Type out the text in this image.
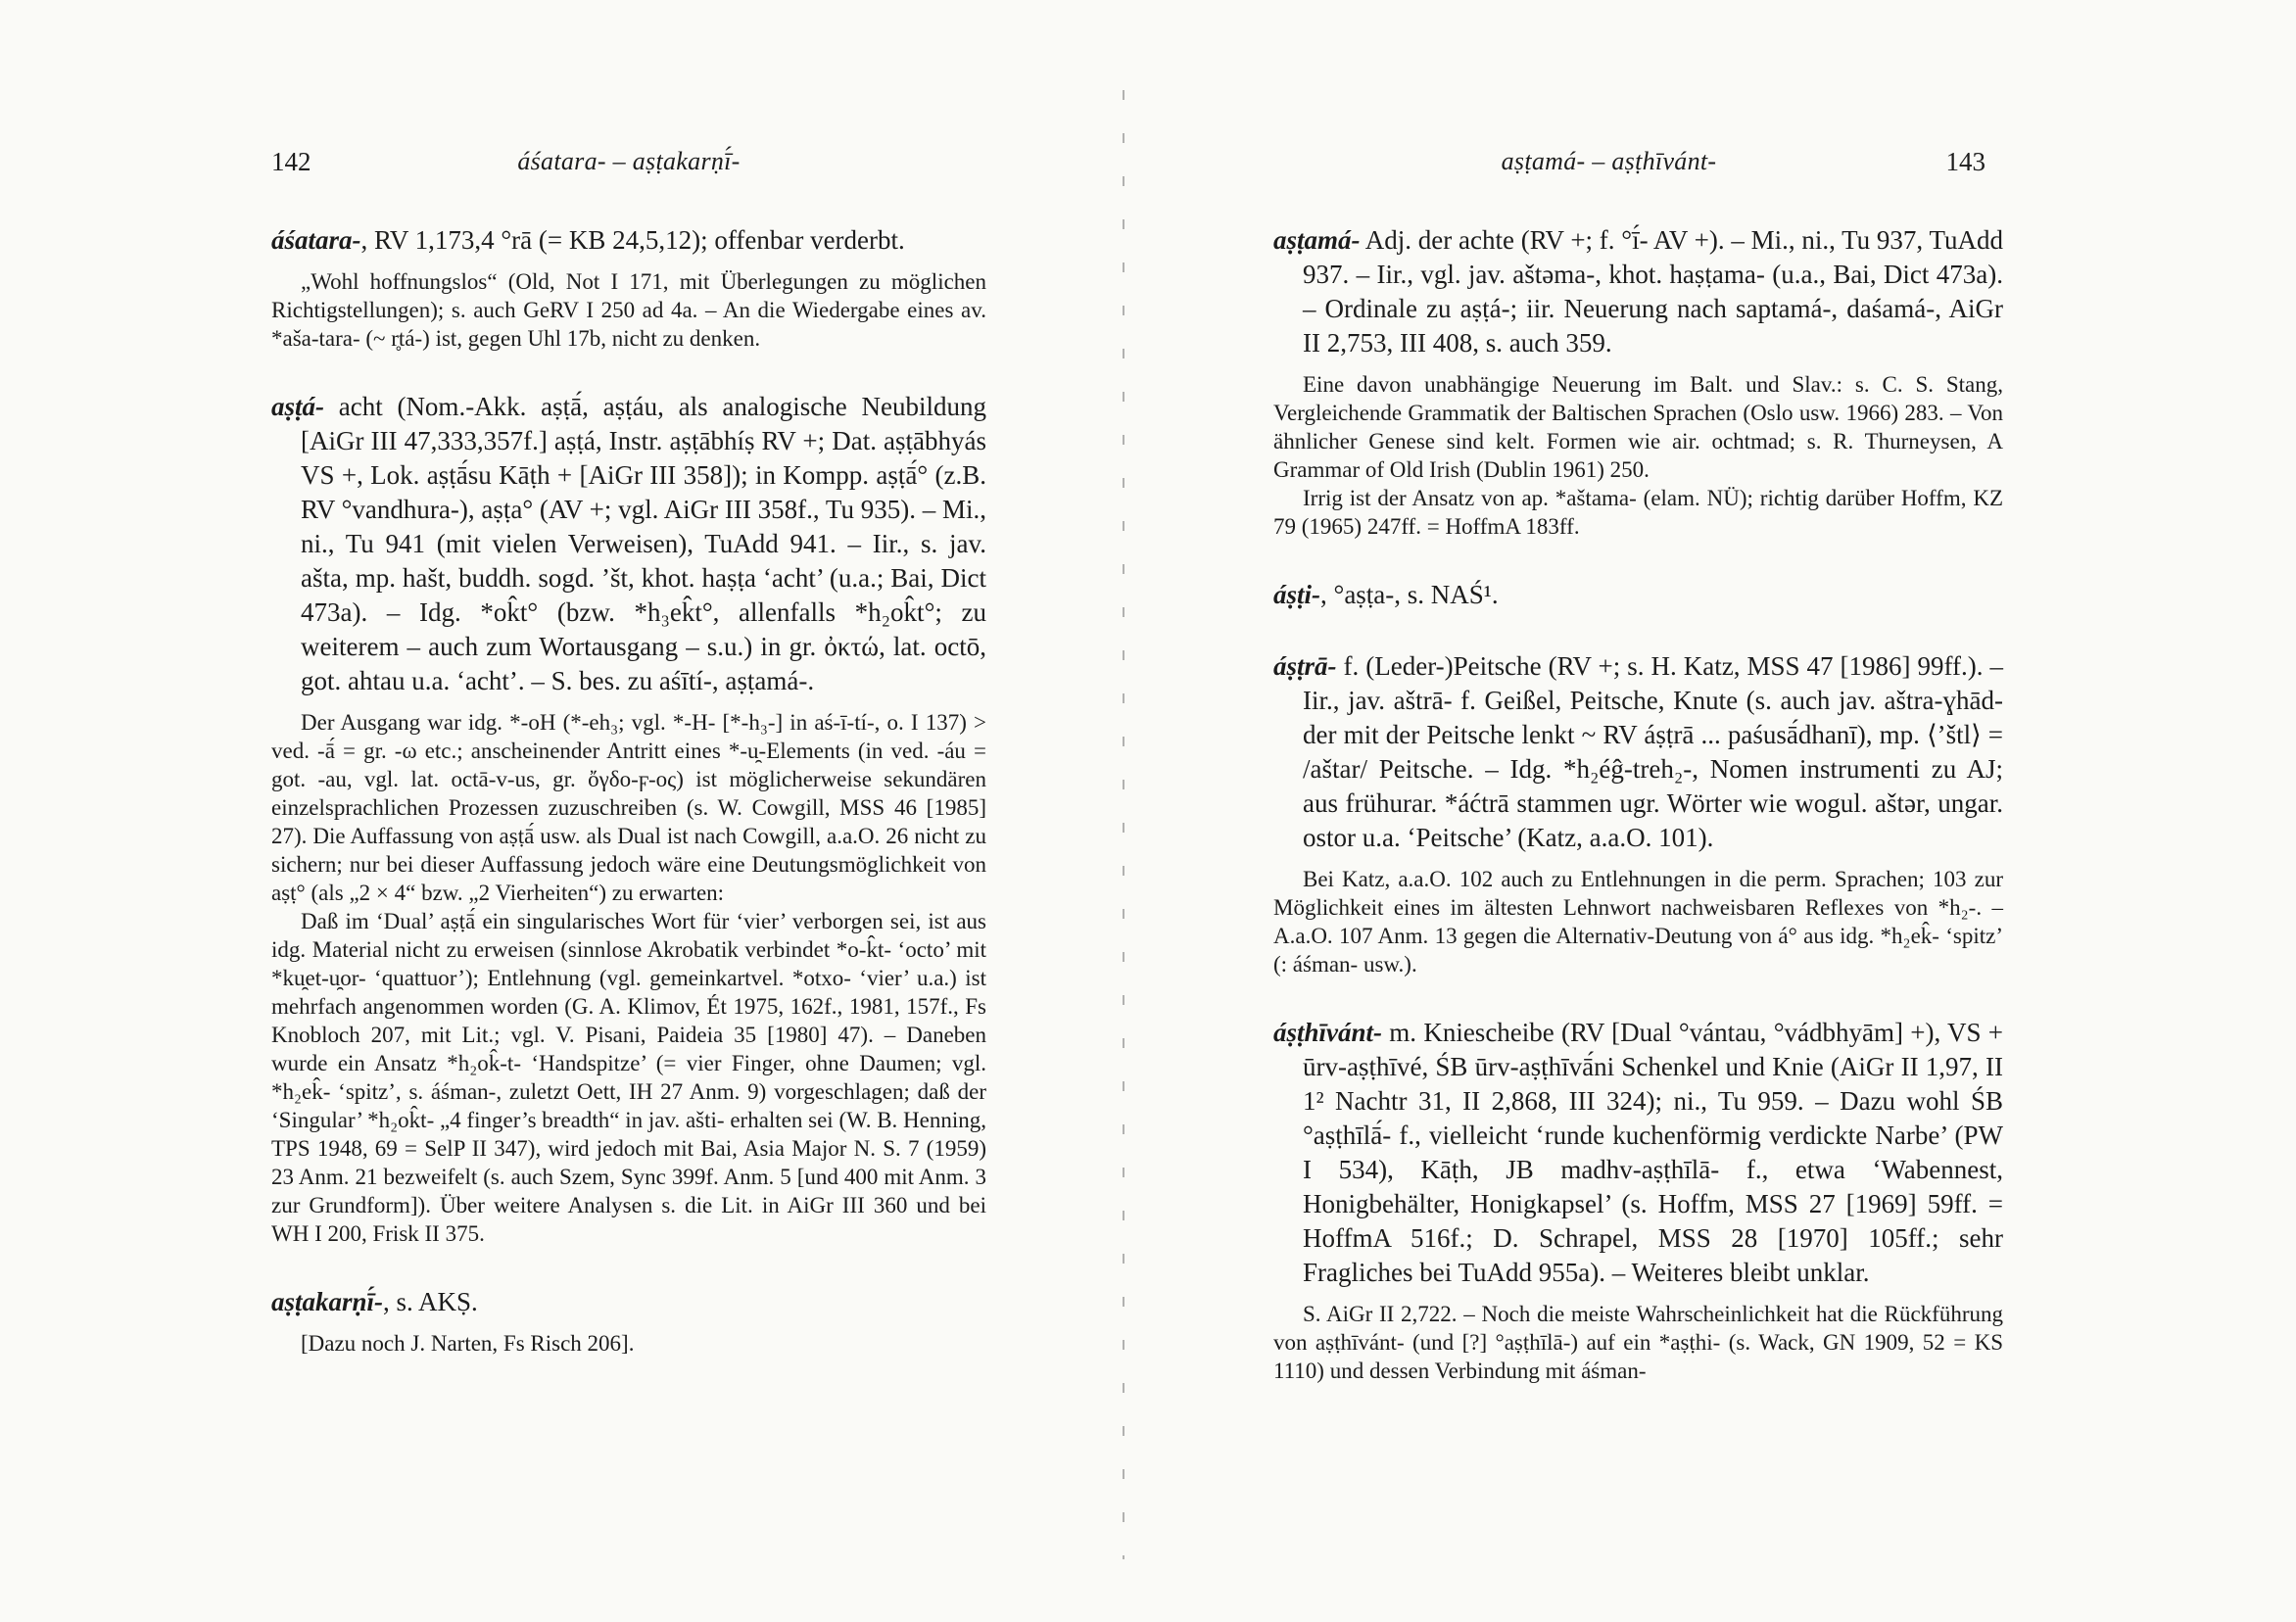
142	áśatara- – aṣṭakarṇī́-

áśatara-, RV 1,173,4 °rā (= KB 24,5,12); offenbar verderbt.

„Wohl hoffnungslos“ (Old, Not I 171, mit Überlegungen zu möglichen Richtigstellungen); s. auch GeRV I 250 ad 4a. – An die Wiedergabe eines av. *aša-tara- (~ r̥tá-) ist, gegen Uhl 17b, nicht zu denken.

aṣṭá- acht (Nom.-Akk. aṣṭā́, aṣṭáu, als analogische Neubildung [AiGr III 47,333,357f.] aṣṭá, Instr. aṣṭābhíṣ RV +; Dat. aṣṭābhyás VS +, Lok. aṣṭā́su Kāṭh + [AiGr III 358]); in Kompp. aṣṭā́° (z.B. RV °vandhura-), aṣṭa° (AV +; vgl. AiGr III 358f., Tu 935). – Mi., ni., Tu 941 (mit vielen Verweisen), TuAdd 941. – Iir., s. jav. ašta, mp. hašt, buddh. sogd. ’št, khot. haṣṭa ‘acht’ (u.a.; Bai, Dict 473a). – Idg. *ok̂t° (bzw. *h₃ek̂t°, allenfalls *h₂ok̂t°; zu weiterem – auch zum Wortausgang – s.u.) in gr. ὀκτώ, lat. octō, got. ahtau u.a. ‘acht’. – S. bes. zu aśītí-, aṣṭamá-.

Der Ausgang war idg. *-oH (*-eh₃; vgl. *-H- [*-h₃-] in aś-ī-tí-, o. I 137) > ved. -ā́ = gr. -ω etc.; anscheinender Antritt eines *-u̯-Elements (in ved. -áu = got. -au, vgl. lat. octā-v-us, gr. ὄγδο-ϝ-ος) ist möglicherweise sekundären einzelsprachlichen Prozessen zuzuschreiben (s. W. Cowgill, MSS 46 [1985] 27). Die Auffassung von aṣṭā́ usw. als Dual ist nach Cowgill, a.a.O. 26 nicht zu sichern; nur bei dieser Auffassung jedoch wäre eine Deutungsmöglichkeit von aṣṭ° (als „2 × 4“ bzw. „2 Vierheiten“) zu erwarten:

Daß im ‘Dual’ aṣṭā́ ein singularisches Wort für ‘vier’ verborgen sei, ist aus idg. Material nicht zu erweisen (sinnlose Akrobatik verbindet *o-k̂t- ‘octo’ mit *ku̯et-u̯or- ‘quattuor’); Entlehnung (vgl. gemeinkartvel. *otxo- ‘vier’ u.a.) ist mehrfach angenommen worden (G. A. Klimov, Ét 1975, 162f., 1981, 157f., Fs Knobloch 207, mit Lit.; vgl. V. Pisani, Paideia 35 [1980] 47). – Daneben wurde ein Ansatz *h₂ok̂-t- ‘Handspitze’ (= vier Finger, ohne Daumen; vgl. *h₂ek̂- ‘spitz’, s. áśman-, zuletzt Oett, IH 27 Anm. 9) vorgeschlagen; daß der ‘Singular’ *h₂ok̂t- „4 finger’s breadth“ in jav. ašti- erhalten sei (W. B. Henning, TPS 1948, 69 = SelP II 347), wird jedoch mit Bai, Asia Major N. S. 7 (1959) 23 Anm. 21 bezweifelt (s. auch Szem, Sync 399f. Anm. 5 [und 400 mit Anm. 3 zur Grundform]). Über weitere Analysen s. die Lit. in AiGr III 360 und bei WH I 200, Frisk II 375.

aṣṭakarṇī́-, s. AKṢ.

[Dazu noch J. Narten, Fs Risch 206].

aṣṭamá- – aṣṭhīvánt-	143

aṣṭamá- Adj. der achte (RV +; f. °ī́- AV +). – Mi., ni., Tu 937, TuAdd 937. – Iir., vgl. jav. aštəma-, khot. haṣṭama- (u.a., Bai, Dict 473a). – Ordinale zu aṣṭá-; iir. Neuerung nach saptamá-, daśamá-, AiGr II 2,753, III 408, s. auch 359.

Eine davon unabhängige Neuerung im Balt. und Slav.: s. C. S. Stang, Vergleichende Grammatik der Baltischen Sprachen (Oslo usw. 1966) 283. – Von ähnlicher Genese sind kelt. Formen wie air. ochtmad; s. R. Thurneysen, A Grammar of Old Irish (Dublin 1961) 250.

Irrig ist der Ansatz von ap. *aštama- (elam. NÜ); richtig darüber Hoffm, KZ 79 (1965) 247ff. = HoffmA 183ff.

áṣṭi-, °aṣṭa-, s. NAŚ¹.

áṣṭrā- f. (Leder-)Peitsche (RV +; s. H. Katz, MSS 47 [1986] 99ff.). – Iir., jav. aštrā- f. Geißel, Peitsche, Knute (s. auch jav. aštra-ɣhād- der mit der Peitsche lenkt ~ RV áṣṭrā ... paśusā́dhanī), mp. ⟨’štl⟩ = /aštar/ Peitsche. – Idg. *h₂éĝ-treh₂-, Nomen instrumenti zu AJ; aus frühurar. *áćtrā stammen ugr. Wörter wie wogul. aštər, ungar. ostor u.a. ‘Peitsche’ (Katz, a.a.O. 101).

Bei Katz, a.a.O. 102 auch zu Entlehnungen in die perm. Sprachen; 103 zur Möglichkeit eines im ältesten Lehnwort nachweisbaren Reflexes von *h₂-. – A.a.O. 107 Anm. 13 gegen die Alternativ-Deutung von á° aus idg. *h₂ek̂- ‘spitz’ (: áśman- usw.).

áṣṭhīvánt- m. Kniescheibe (RV [Dual °vántau, °vádbhyām] +), VS + ūrv-aṣṭhīvé, ŚB ūrv-aṣṭhīvā́ni Schenkel und Knie (AiGr II 1,97, II 1² Nachtr 31, II 2,868, III 324); ni., Tu 959. – Dazu wohl ŚB °aṣṭhīlā́- f., vielleicht ‘runde kuchenförmig verdickte Narbe’ (PW I 534), Kāṭh, JB madhv-aṣṭhīlā- f., etwa ‘Wabennest, Honigbehälter, Honigkapsel’ (s. Hoffm, MSS 27 [1969] 59ff. = HoffmA 516f.; D. Schrapel, MSS 28 [1970] 105ff.; sehr Fragliches bei TuAdd 955a). – Weiteres bleibt unklar.

S. AiGr II 2,722. – Noch die meiste Wahrscheinlichkeit hat die Rückführung von aṣṭhīvánt- (und [?] °aṣṭhīlā-) auf ein *aṣṭhi- (s. Wack, GN 1909, 52 = KS 1110) und dessen Verbindung mit áśman-
